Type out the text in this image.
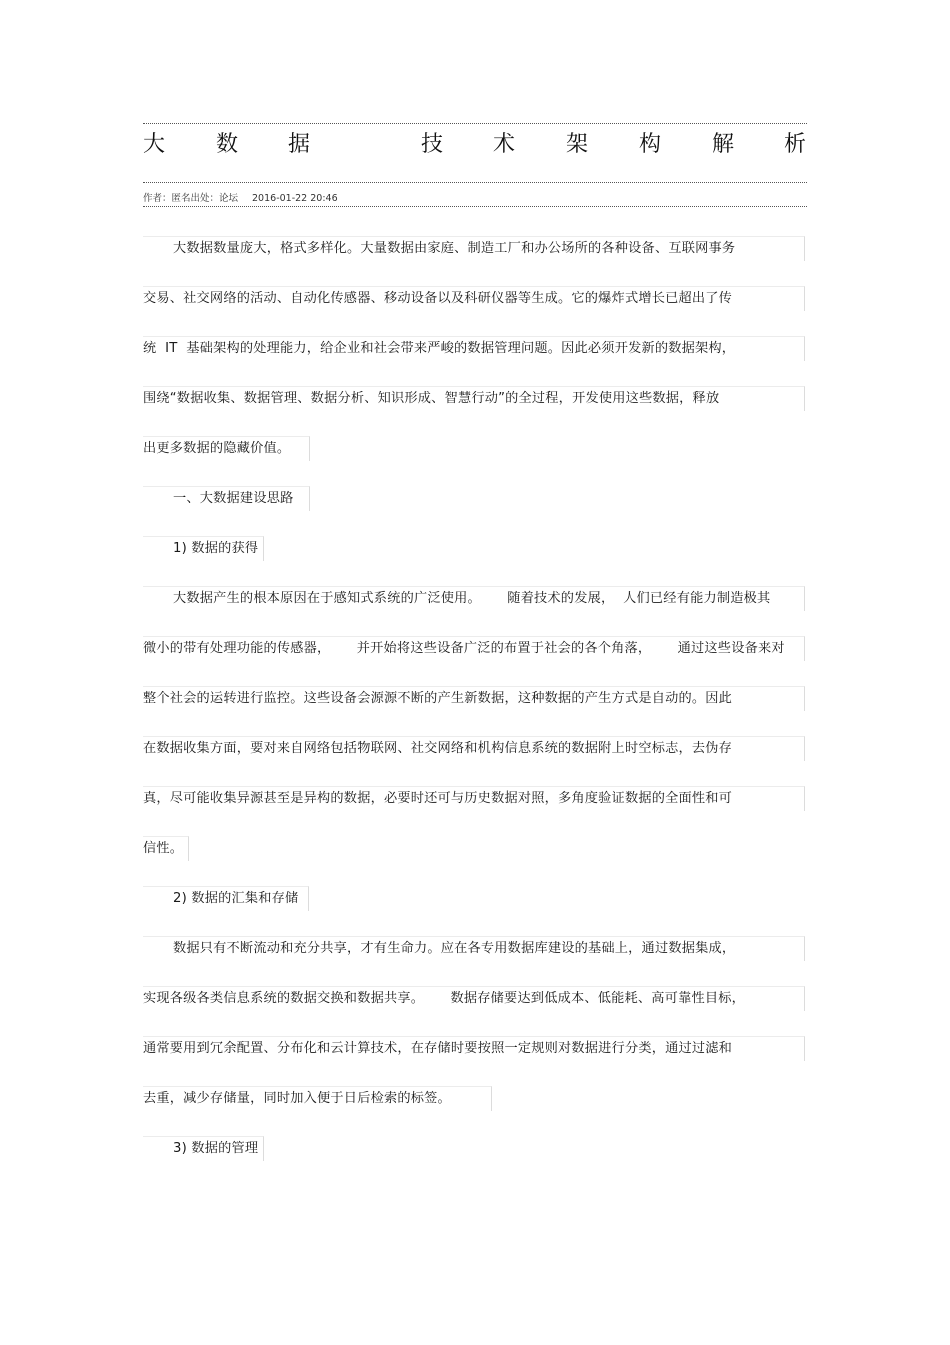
大 数 据	技 术 架 构 解 析
作者：匿名出处：论坛 2016-01-22 20:46
大数据数量庞大，格式多样化。大量数据由家庭、制造工厂和办公场所的各种设备、互联网事务
交易、社交网络的活动、自动化传感器、移动设备以及科研仪器等生成。它的爆炸式增长已超出了传
统  IT  基础架构的处理能力，给企业和社会带来严峻的数据管理问题。因此必须开发新的数据架构，
围绕“数据收集、数据管理、数据分析、知识形成、智慧行动”的全过程，开发使用这些数据，释放
出更多数据的隐藏价值。
一、大数据建设思路
1) 数据的获得
大数据产生的根本原因在于感知式系统的广泛使用。      随着技术的发展，  人们已经有能力制造极其
微小的带有处理功能的传感器，      并开始将这些设备广泛的布置于社会的各个角落，      通过这些设备来对
整个社会的运转进行监控。这些设备会源源不断的产生新数据，这种数据的产生方式是自动的。因此
在数据收集方面，要对来自网络包括物联网、社交网络和机构信息系统的数据附上时空标志，去伪存
真，尽可能收集异源甚至是异构的数据，必要时还可与历史数据对照，多角度验证数据的全面性和可
信性。
2) 数据的汇集和存储
数据只有不断流动和充分共享，才有生命力。应在各专用数据库建设的基础上，通过数据集成，
实现各级各类信息系统的数据交换和数据共享。      数据存储要达到低成本、低能耗、高可靠性目标，
通常要用到冗余配置、分布化和云计算技术，在存储时要按照一定规则对数据进行分类，通过过滤和
去重，减少存储量，同时加入便于日后检索的标签。
3) 数据的管理
